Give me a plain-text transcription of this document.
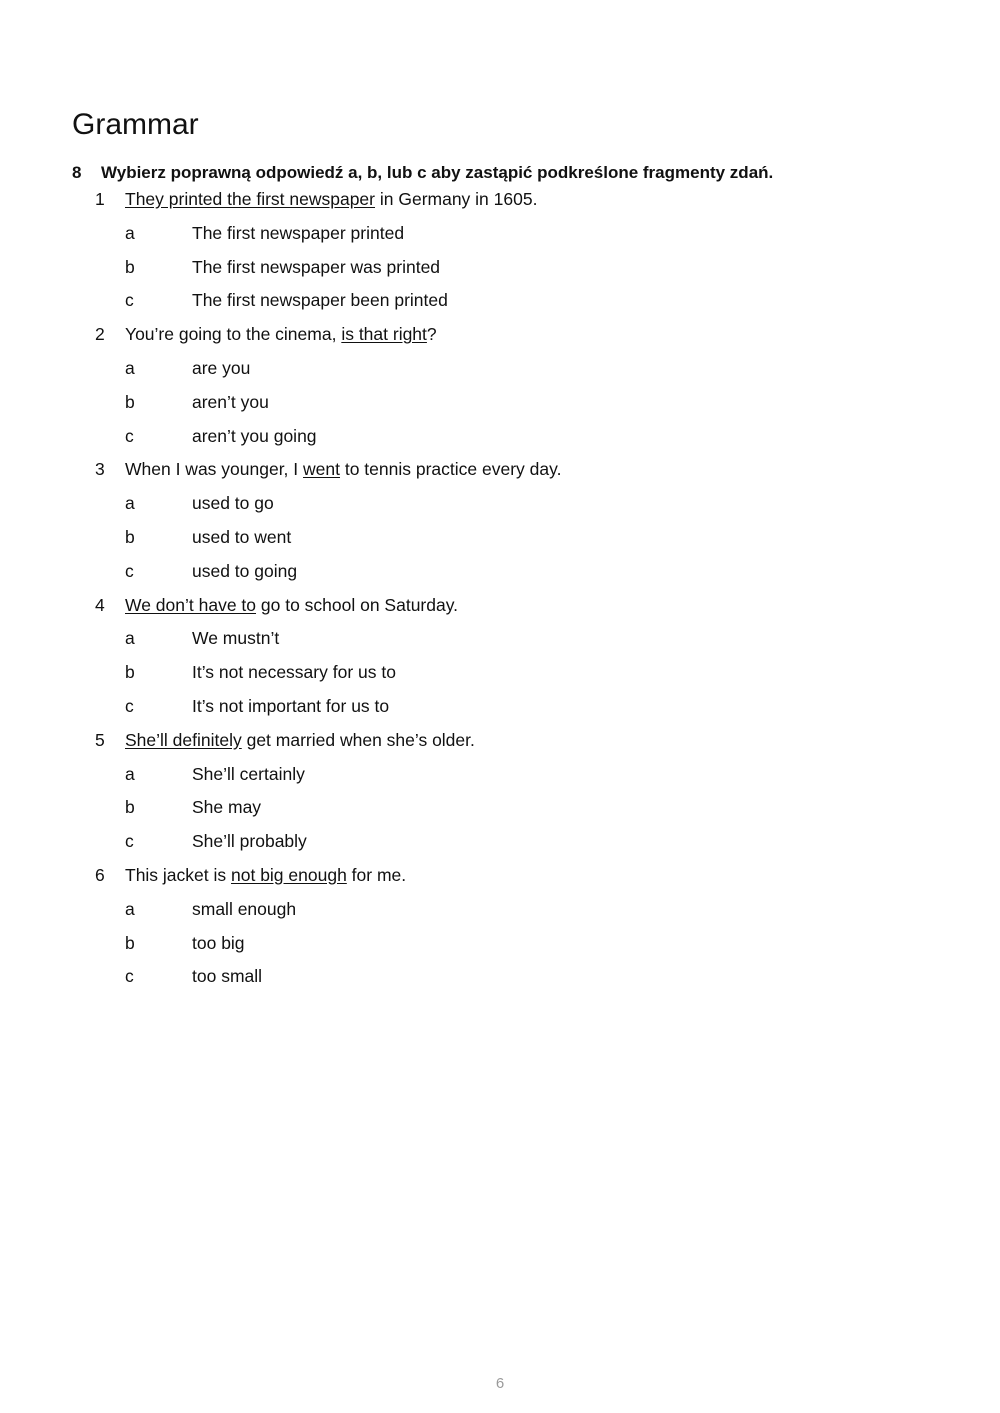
Grammar
8 Wybierz poprawną odpowiedź a, b, lub c aby zastąpić podkreślone fragmenty zdań.
1 They printed the first newspaper in Germany in 1605.
a	The first newspaper printed
b	The first newspaper was printed
c	The first newspaper been printed
2 You’re going to the cinema, is that right?
a	are you
b	aren’t you
c	aren’t you going
3 When I was younger, I went to tennis practice every day.
a	used to go
b	used to went
c	used to going
4 We don’t have to go to school on Saturday.
a	We mustn’t
b	It’s not necessary for us to
c	It’s not important for us to
5 She’ll definitely get married when she’s older.
a	She’ll certainly
b	She may
c	She’ll probably
6 This jacket is not big enough for me.
a	small enough
b	too big
c	too small
6
